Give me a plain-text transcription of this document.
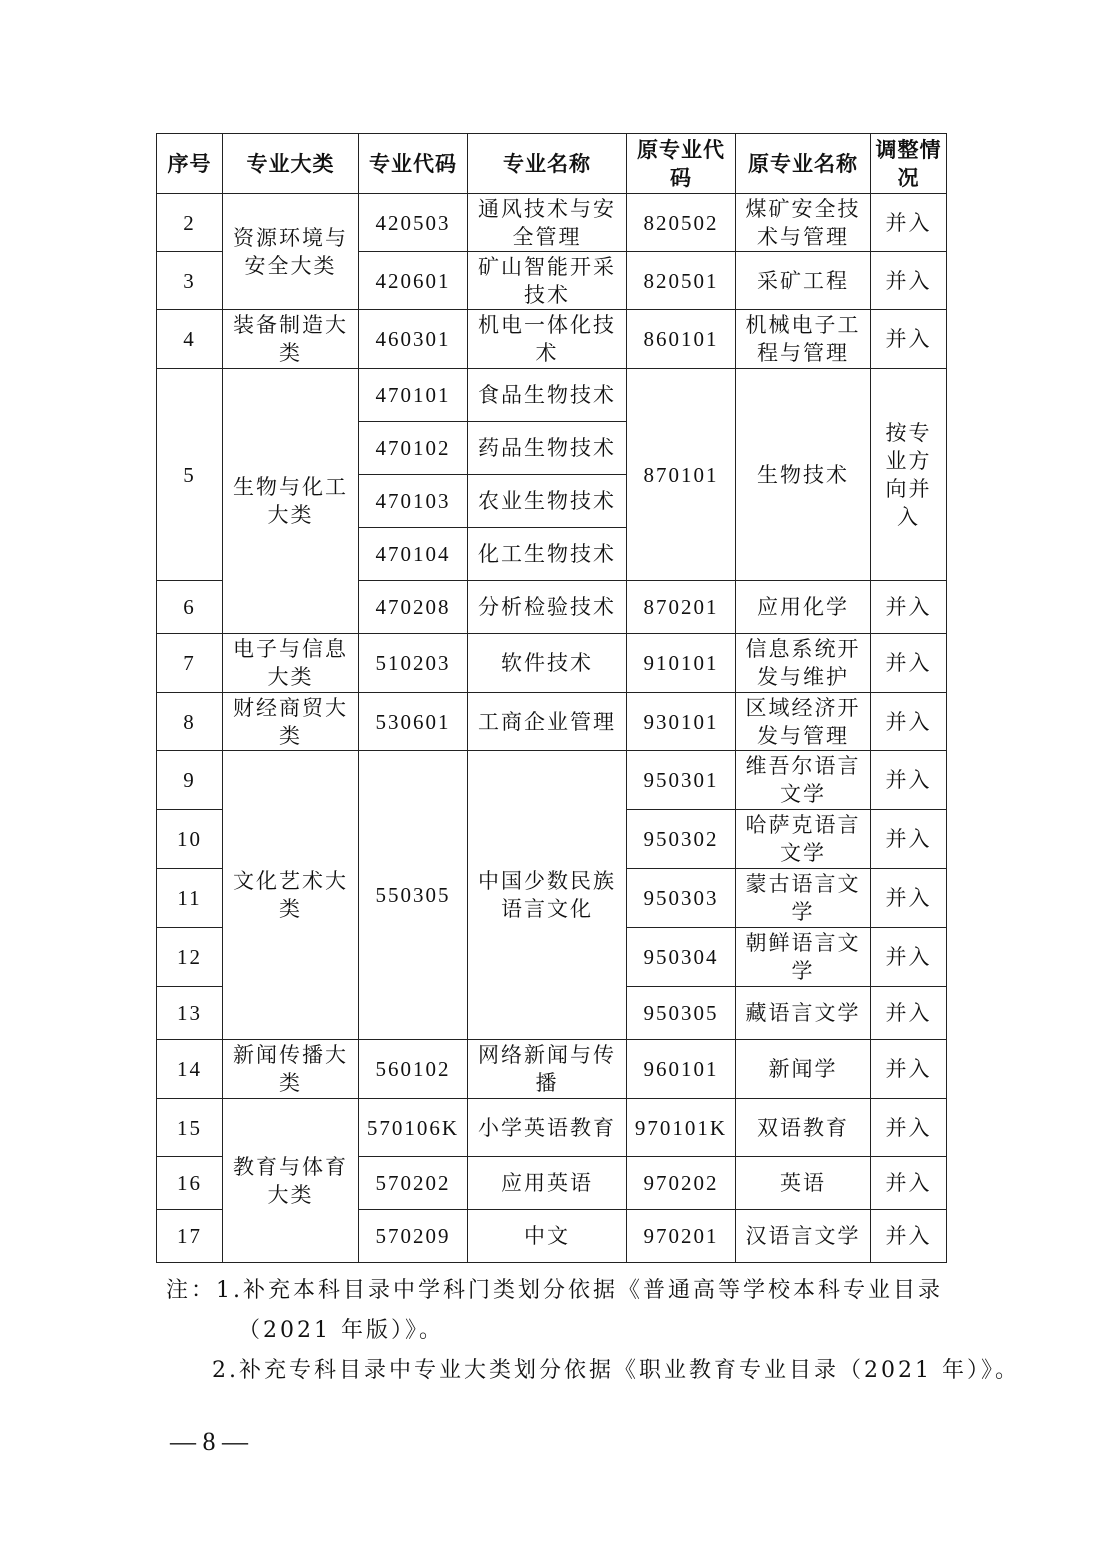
序号	专业大类	专业代码	专业名称	原专业代码	原专业名称	调整情况
2	资源环境与安全大类	420503	通风技术与安全管理	820502	煤矿安全技术与管理	并入
3		420601	矿山智能开采技术	820501	采矿工程	并入
4	装备制造大类	460301	机电一体化技术	860101	机械电子工程与管理	并入
5	生物与化工大类	470101	食品生物技术	870101	生物技术	按专业方向并入
		470102	药品生物技术			
		470103	农业生物技术			
		470104	化工生物技术			
6		470208	分析检验技术	870201	应用化学	并入
7	电子与信息大类	510203	软件技术	910101	信息系统开发与维护	并入
8	财经商贸大类	530601	工商企业管理	930101	区域经济开发与管理	并入
9	文化艺术大类	550305	中国少数民族语言文化	950301	维吾尔语言文学	并入
10				950302	哈萨克语言文学	并入
11				950303	蒙古语言文学	并入
12				950304	朝鲜语言文学	并入
13				950305	藏语言文学	并入
14	新闻传播大类	560102	网络新闻与传播	960101	新闻学	并入
15	教育与体育大类	570106K	小学英语教育	970101K	双语教育	并入
16		570202	应用英语	970202	英语	并入
17		570209	中文	970201	汉语言文学	并入
注：1.补充本科目录中学科门类划分依据《普通高等学校本科专业目录
（2021 年版）》。
2.补充专科目录中专业大类划分依据《职业教育专业目录（2021 年）》。
— 8 —
